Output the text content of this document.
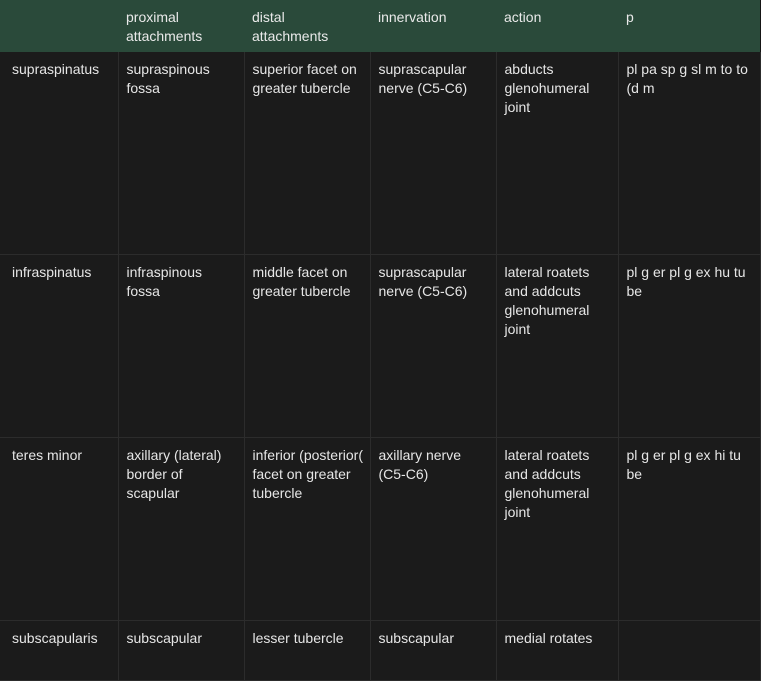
	proximal attachments	distal attachments	innervation	action	p
supraspinatus	supraspinous fossa	superior facet on greater tubercle	suprascapular nerve (C5-C6)	abducts glenohumeral joint	pl pa sp g sl m to to (d m
infraspinatus	infraspinous fossa	middle facet on greater tubercle	suprascapular nerve (C5-C6)	lateral roatets and addcuts glenohumeral joint	pl g er pl g ex hu tu be
teres minor	axillary (lateral) border of scapular	inferior (posterior( facet on greater tubercle	axillary nerve (C5-C6)	lateral roatets and addcuts glenohumeral joint	pl g er pl g ex hi tu be
subscapularis	subscapular	lesser tubercle	subscapular	medial rotates	
